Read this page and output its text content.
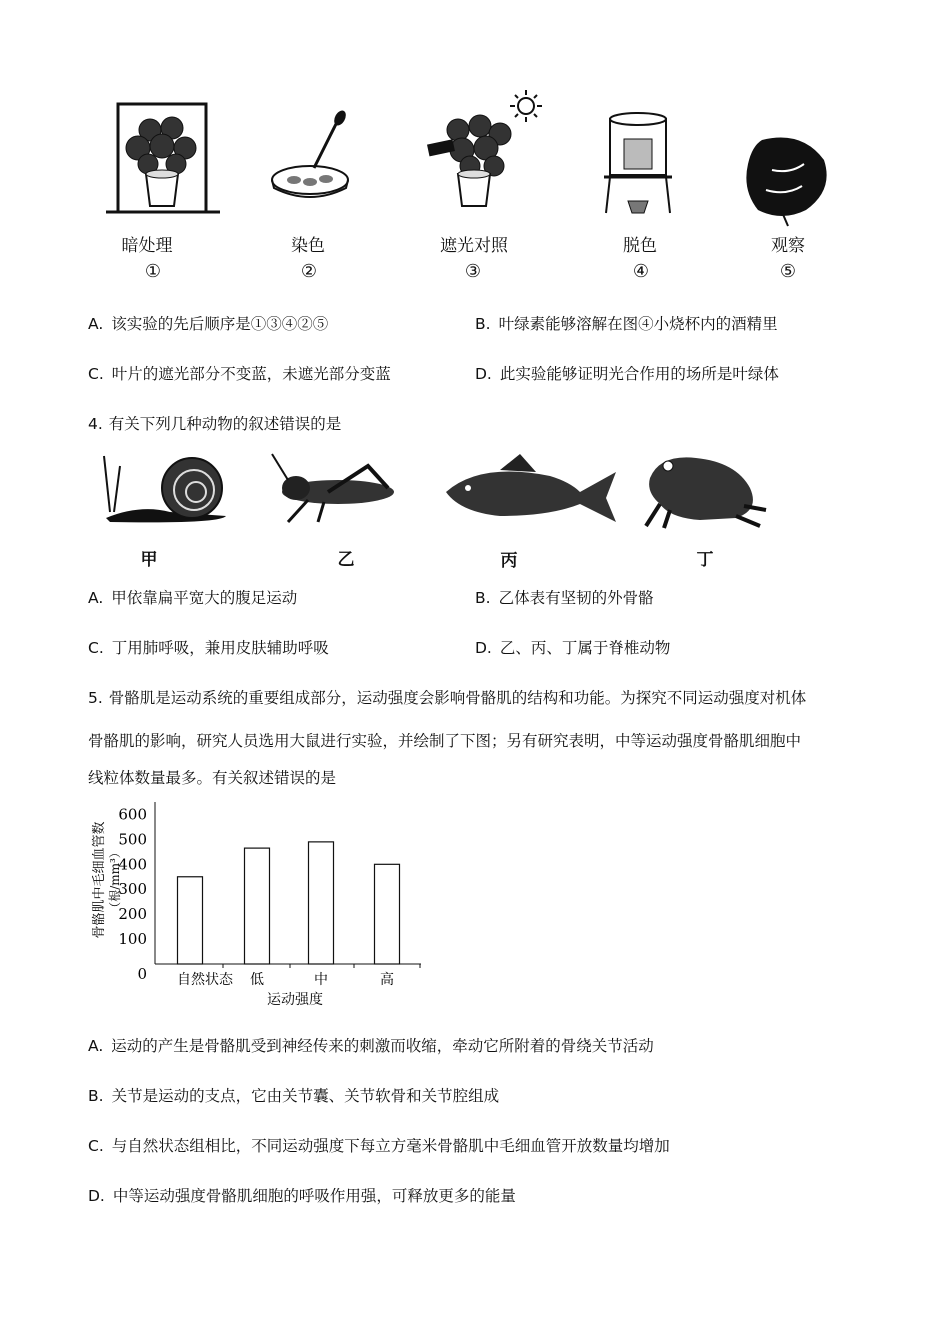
暗处理	染色	遮光对照	脱色	观察
①	②	③	④	⑤
A. 该实验的先后顺序是①③④②⑤	B. 叶绿素能够溶解在图④小烧杯内的酒精里
C. 叶片的遮光部分不变蓝，未遮光部分变蓝	D. 此实验能够证明光合作用的场所是叶绿体
4. 有关下列几种动物的叙述错误的是
甲	乙	丙	丁
A. 甲依靠扁平宽大的腹足运动	B. 乙体表有坚韧的外骨骼
C. 丁用肺呼吸，兼用皮肤辅助呼吸	D. 乙、丙、丁属于脊椎动物
5. 骨骼肌是运动系统的重要组成部分，运动强度会影响骨骼肌的结构和功能。为探究不同运动强度对机体
骨骼肌的影响，研究人员选用大鼠进行实验，并绘制了下图；另有研究表明，中等运动强度骨骼肌细胞中
线粒体数量最多。有关叙述错误的是
骨骼肌中毛细血管数 （根/mm³）
600
500
400
300
200
100
0 自然状态 低	中	高
运动强度
A. 运动的产生是骨骼肌受到神经传来的刺激而收缩，牵动它所附着的骨绕关节活动
B. 关节是运动的支点，它由关节囊、关节软骨和关节腔组成
C. 与自然状态组相比，不同运动强度下每立方毫米骨骼肌中毛细血管开放数量均增加
D. 中等运动强度骨骼肌细胞的呼吸作用强，可释放更多的能量
